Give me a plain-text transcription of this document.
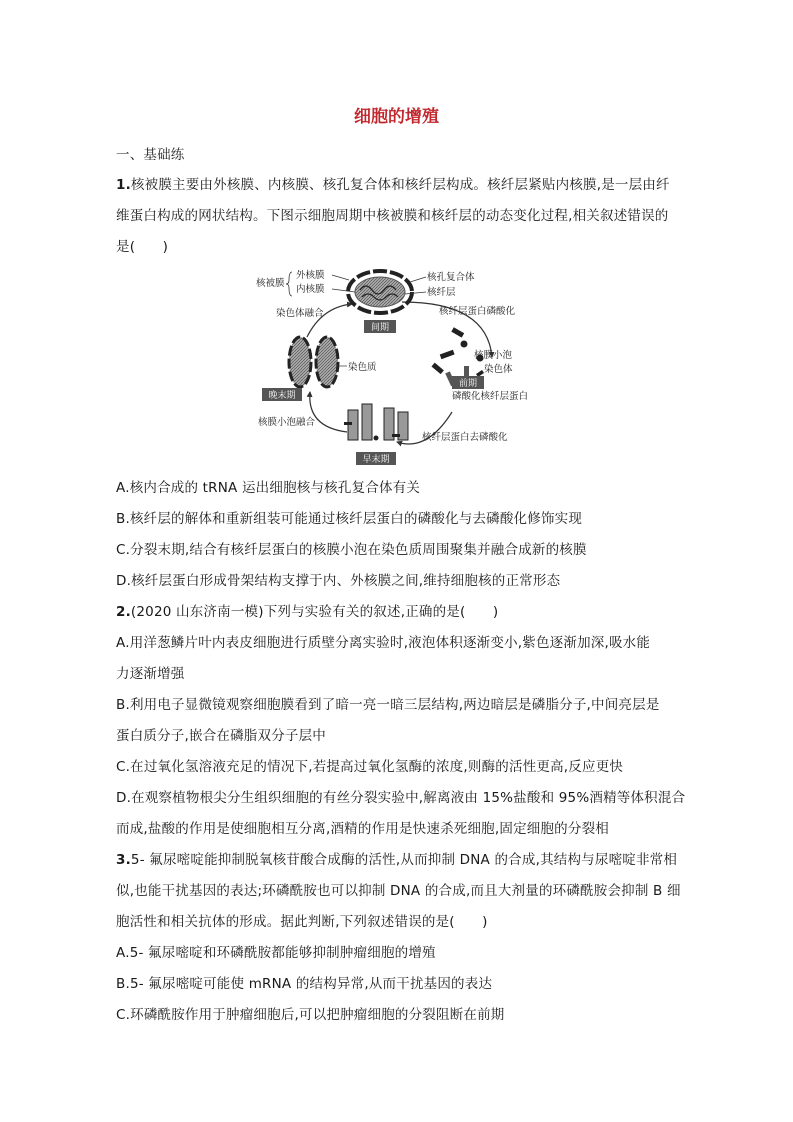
细胞的增殖
一、基础练
1.核被膜主要由外核膜、内核膜、核孔复合体和核纤层构成。核纤层紧贴内核膜,是一层由纤
维蛋白构成的网状结构。下图示细胞周期中核被膜和核纤层的动态变化过程,相关叙述错误的
是(　　)
间期
核被膜
外核膜
内核膜
核孔复合体
核纤层
核纤层蛋白磷酸化
染色体融合
核膜小泡
染色体
磷酸化核纤层蛋白
前期
染色质
晚末期
核膜小泡融合
核纤层蛋白去磷酸化
早末期
A.核内合成的 tRNA 运出细胞核与核孔复合体有关
B.核纤层的解体和重新组装可能通过核纤层蛋白的磷酸化与去磷酸化修饰实现
C.分裂末期,结合有核纤层蛋白的核膜小泡在染色质周围聚集并融合成新的核膜
D.核纤层蛋白形成骨架结构支撑于内、外核膜之间,维持细胞核的正常形态
2.(2020 山东济南一模)下列与实验有关的叙述,正确的是(　　)
A.用洋葱鳞片叶内表皮细胞进行质壁分离实验时,液泡体积逐渐变小,紫色逐渐加深,吸水能
力逐渐增强
B.利用电子显微镜观察细胞膜看到了暗一亮一暗三层结构,两边暗层是磷脂分子,中间亮层是
蛋白质分子,嵌合在磷脂双分子层中
C.在过氧化氢溶液充足的情况下,若提高过氧化氢酶的浓度,则酶的活性更高,反应更快
D.在观察植物根尖分生组织细胞的有丝分裂实验中,解离液由 15%盐酸和 95%酒精等体积混合
而成,盐酸的作用是使细胞相互分离,酒精的作用是快速杀死细胞,固定细胞的分裂相
3.5- 氟尿嘧啶能抑制脱氧核苷酸合成酶的活性,从而抑制 DNA 的合成,其结构与尿嘧啶非常相
似,也能干扰基因的表达;环磷酰胺也可以抑制 DNA 的合成,而且大剂量的环磷酰胺会抑制 B 细
胞活性和相关抗体的形成。据此判断,下列叙述错误的是(　　)
A.5- 氟尿嘧啶和环磷酰胺都能够抑制肿瘤细胞的增殖
B.5- 氟尿嘧啶可能使 mRNA 的结构异常,从而干扰基因的表达
C.环磷酰胺作用于肿瘤细胞后,可以把肿瘤细胞的分裂阻断在前期
